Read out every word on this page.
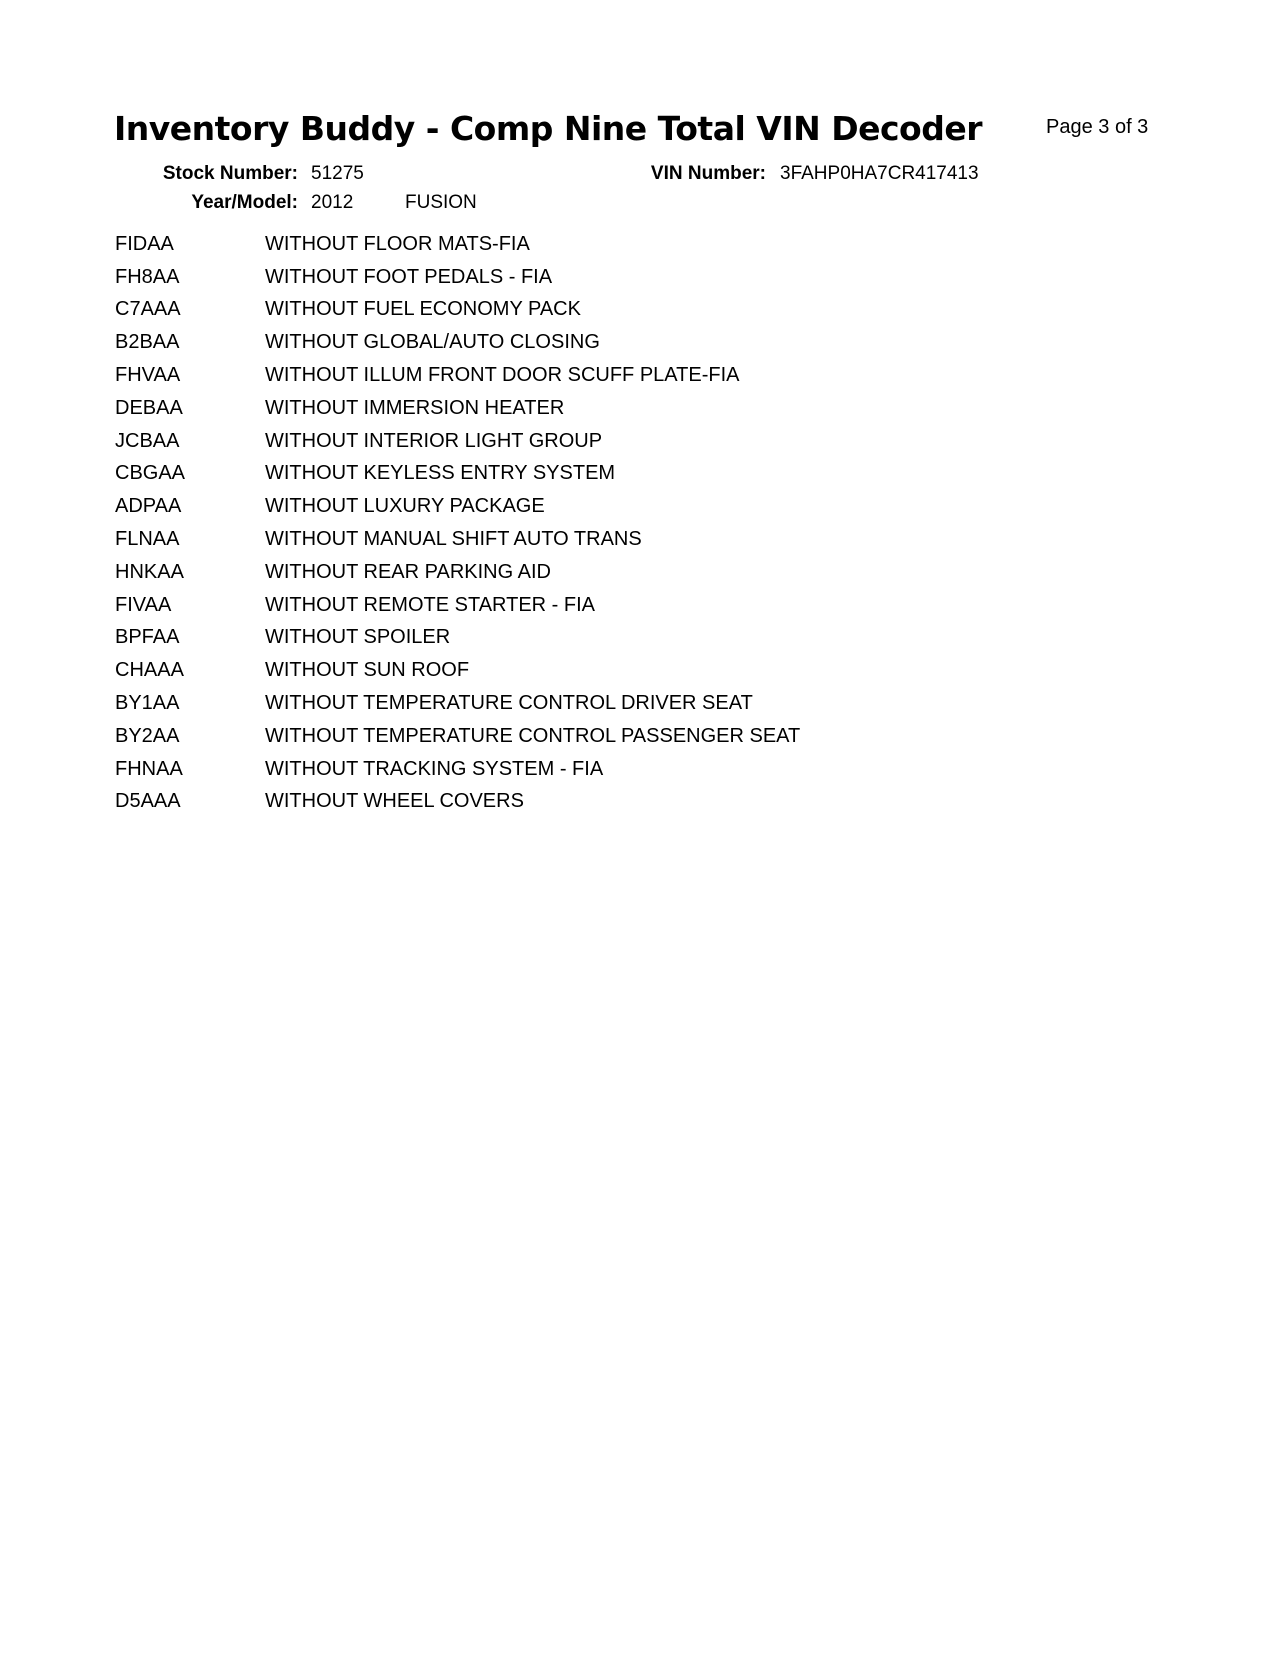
Inventory Buddy - Comp Nine Total VIN Decoder	Page 3 of 3
Stock Number: 51275
Year/Model: 2012	FUSION
VIN Number: 3FAHP0HA7CR417413
FIDAA	WITHOUT FLOOR MATS-FIA
FH8AA	WITHOUT FOOT PEDALS - FIA
C7AAA	WITHOUT FUEL ECONOMY PACK
B2BAA	WITHOUT GLOBAL/AUTO CLOSING
FHVAA	WITHOUT ILLUM FRONT DOOR SCUFF PLATE-FIA
DEBAA	WITHOUT IMMERSION HEATER
JCBAA	WITHOUT INTERIOR LIGHT GROUP
CBGAA	WITHOUT KEYLESS ENTRY SYSTEM
ADPAA	WITHOUT LUXURY PACKAGE
FLNAA	WITHOUT MANUAL SHIFT AUTO TRANS
HNKAA	WITHOUT REAR PARKING AID
FIVAA	WITHOUT REMOTE STARTER - FIA
BPFAA	WITHOUT SPOILER
CHAAA	WITHOUT SUN ROOF
BY1AA	WITHOUT TEMPERATURE CONTROL DRIVER SEAT
BY2AA	WITHOUT TEMPERATURE CONTROL PASSENGER SEAT
FHNAA	WITHOUT TRACKING SYSTEM - FIA
D5AAA	WITHOUT WHEEL COVERS
